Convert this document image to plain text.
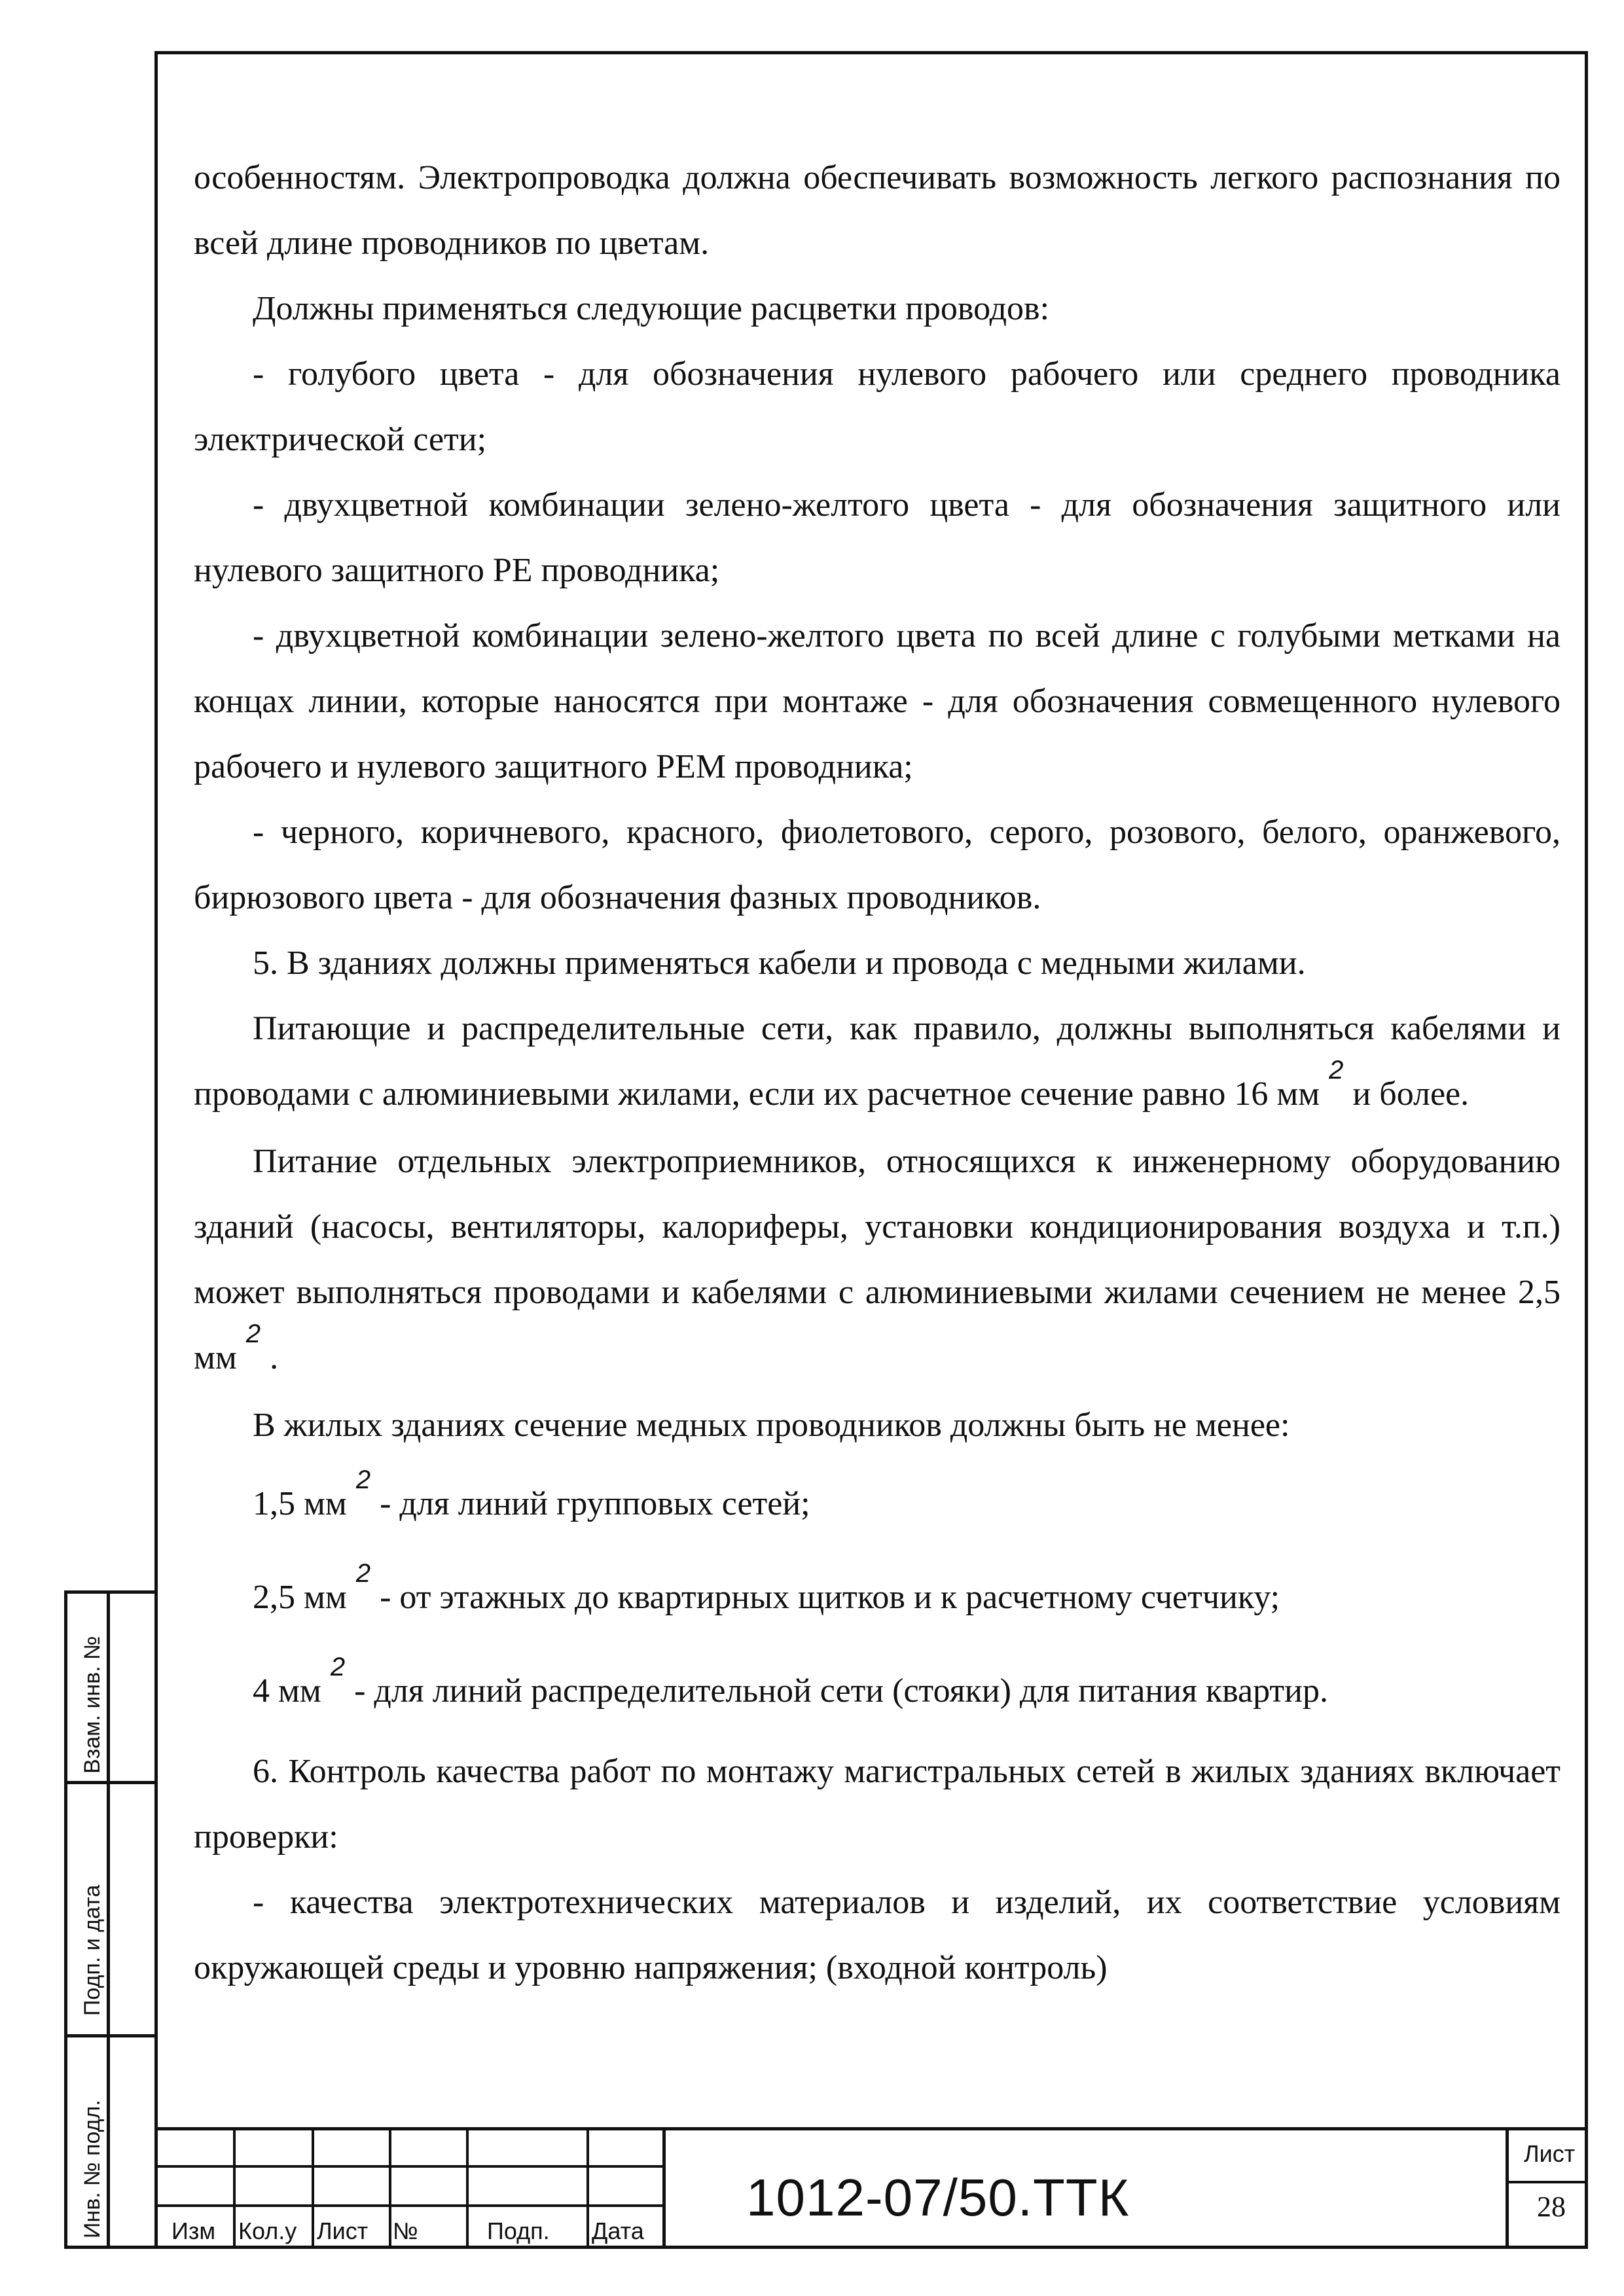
особенностям. Электропроводка должна обеспечивать возможность легкого распознания по всей длине проводников по цветам.

Должны применяться следующие расцветки проводов:

- голубого цвета - для обозначения нулевого рабочего или среднего проводника электрической сети;

- двухцветной комбинации зелено-желтого цвета - для обозначения защитного или нулевого защитного PE проводника;

- двухцветной комбинации зелено-желтого цвета по всей длине с голубыми метками на концах линии, которые наносятся при монтаже - для обозначения совмещенного нулевого рабочего и нулевого защитного PEM проводника;

- черного, коричневого, красного, фиолетового, серого, розового, белого, оранжевого, бирюзового цвета - для обозначения фазных проводников.

5. В зданиях должны применяться кабели и провода с медными жилами.

Питающие и распределительные сети, как правило, должны выполняться кабелями и проводами с алюминиевыми жилами, если их расчетное сечение равно 16 $мм^2и$ более.

Питание отдельных электроприемников, относящихся к инженерному оборудованию зданий (насосы, вентиляторы, калориферы, установки кондиционирования воздуха и т.п.) может выполняться проводами и кабелями с алюминиевыми жилами сечением не менее 2,5 $мм^2$.

В жилых зданиях сечение медных проводников должны быть не менее:

1,5 $мм^2-$ для линий групповых сетей;

2,5 $мм^2-$ от этажных до квартирных щитков и к расчетному счетчику;

4 $мм^2-$ для линий распределительной сети (стояки) для питания квартир.

6. Контроль качества работ по монтажу магистральных сетей в жилых зданиях включает проверки:

- качества электротехнических материалов и изделий, их соответствие условиям окружающей среды и уровню напряжения; (входной контроль)

Взам. инв. №
Подп. и дата
Инв. № подл.	Изм Кол.у Лист №	Подп. Дата
1012-07/50.ТТК
Лист
28
